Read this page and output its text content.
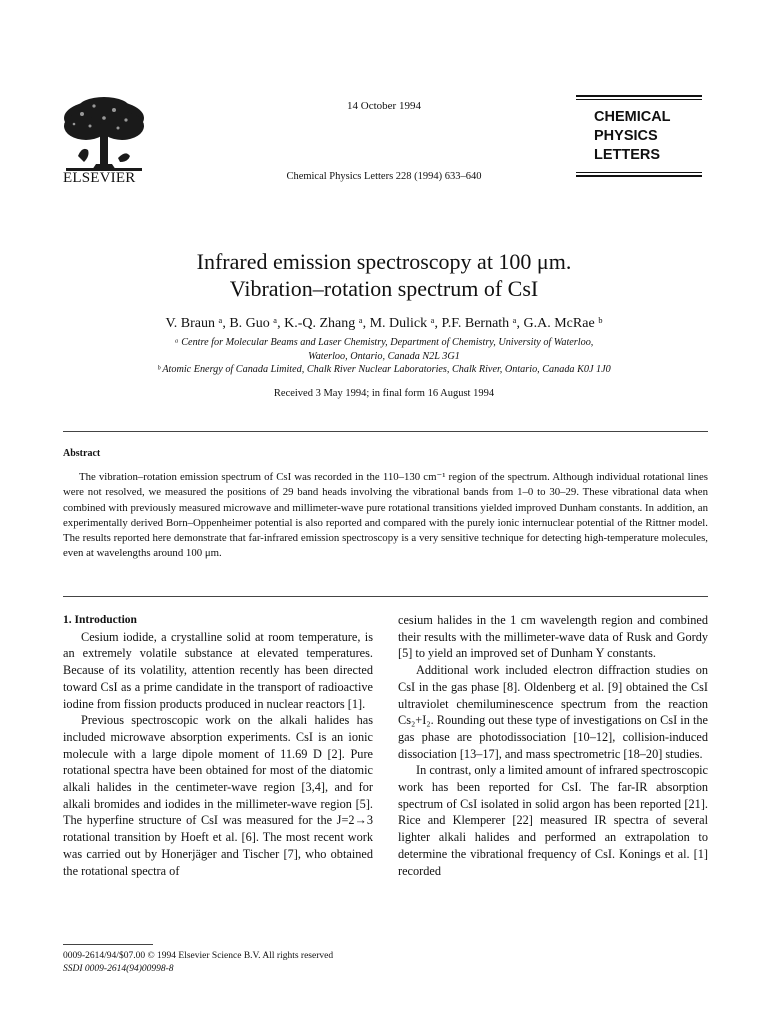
ELSEVIER
14 October 1994
Chemical Physics Letters 228 (1994) 633–640
CHEMICAL
PHYSICS
LETTERS
Infrared emission spectroscopy at 100 μm.
Vibration–rotation spectrum of CsI
V. Braun ᵃ, B. Guo ᵃ, K.-Q. Zhang ᵃ, M. Dulick ᵃ, P.F. Bernath ᵃ, G.A. McRae ᵇ
ᵃ Centre for Molecular Beams and Laser Chemistry, Department of Chemistry, University of Waterloo,
Waterloo, Ontario, Canada N2L 3G1
ᵇ Atomic Energy of Canada Limited, Chalk River Nuclear Laboratories, Chalk River, Ontario, Canada K0J 1J0
Received 3 May 1994; in final form 16 August 1994
Abstract
The vibration–rotation emission spectrum of CsI was recorded in the 110–130 cm⁻¹ region of the spectrum. Although individual rotational lines were not resolved, we measured the positions of 29 band heads involving the vibrational bands from 1–0 to 30–29. These vibrational data when combined with previously measured microwave and millimeter-wave pure rotational transitions yielded improved Dunham constants. In addition, an experimentally derived Born–Oppenheimer potential is also reported and compared with the purely ionic internuclear potential of the Rittner model. The results reported here demonstrate that far-infrared emission spectroscopy is a very sensitive technique for detecting high-temperature molecules, even at wavelengths around 100 μm.

1. Introduction

Cesium iodide, a crystalline solid at room temperature, is an extremely volatile substance at elevated temperatures. Because of its volatility, attention recently has been directed toward CsI as a prime candidate in the transport of radioactive iodine from fission products produced in nuclear reactors [1].

Previous spectroscopic work on the alkali halides has included microwave absorption experiments. CsI is an ionic molecule with a large dipole moment of 11.69 D [2]. Pure rotational spectra have been obtained for most of the diatomic alkali halides in the centimeter-wave region [3,4], and for alkali bromides and iodides in the millimeter-wave region [5]. The hyperfine structure of CsI was measured for the J=2→3 rotational transition by Hoeft et al. [6]. The most recent work was carried out by Honerjäger and Tischer [7], who obtained the rotational spectra of

cesium halides in the 1 cm wavelength region and combined their results with the millimeter-wave data of Rusk and Gordy [5] to yield an improved set of Dunham Y constants.

Additional work included electron diffraction studies on CsI in the gas phase [8]. Oldenberg et al. [9] obtained the CsI ultraviolet chemiluminescence spectrum from the reaction Cs₂+I₂. Rounding out these type of investigations on CsI in the gas phase are photodissociation [10–12], collision-induced dissociation [13–17], and mass spectrometric [18–20] studies.

In contrast, only a limited amount of infrared spectroscopic work has been reported for CsI. The far-IR absorption spectrum of CsI isolated in solid argon has been reported [21]. Rice and Klemperer [22] measured IR spectra of several lighter alkali halides and performed an extrapolation to determine the vibrational frequency of CsI. Konings et al. [1] recorded

0009-2614/94/$07.00 © 1994 Elsevier Science B.V. All rights reserved
SSDI 0009-2614(94)00998-8
